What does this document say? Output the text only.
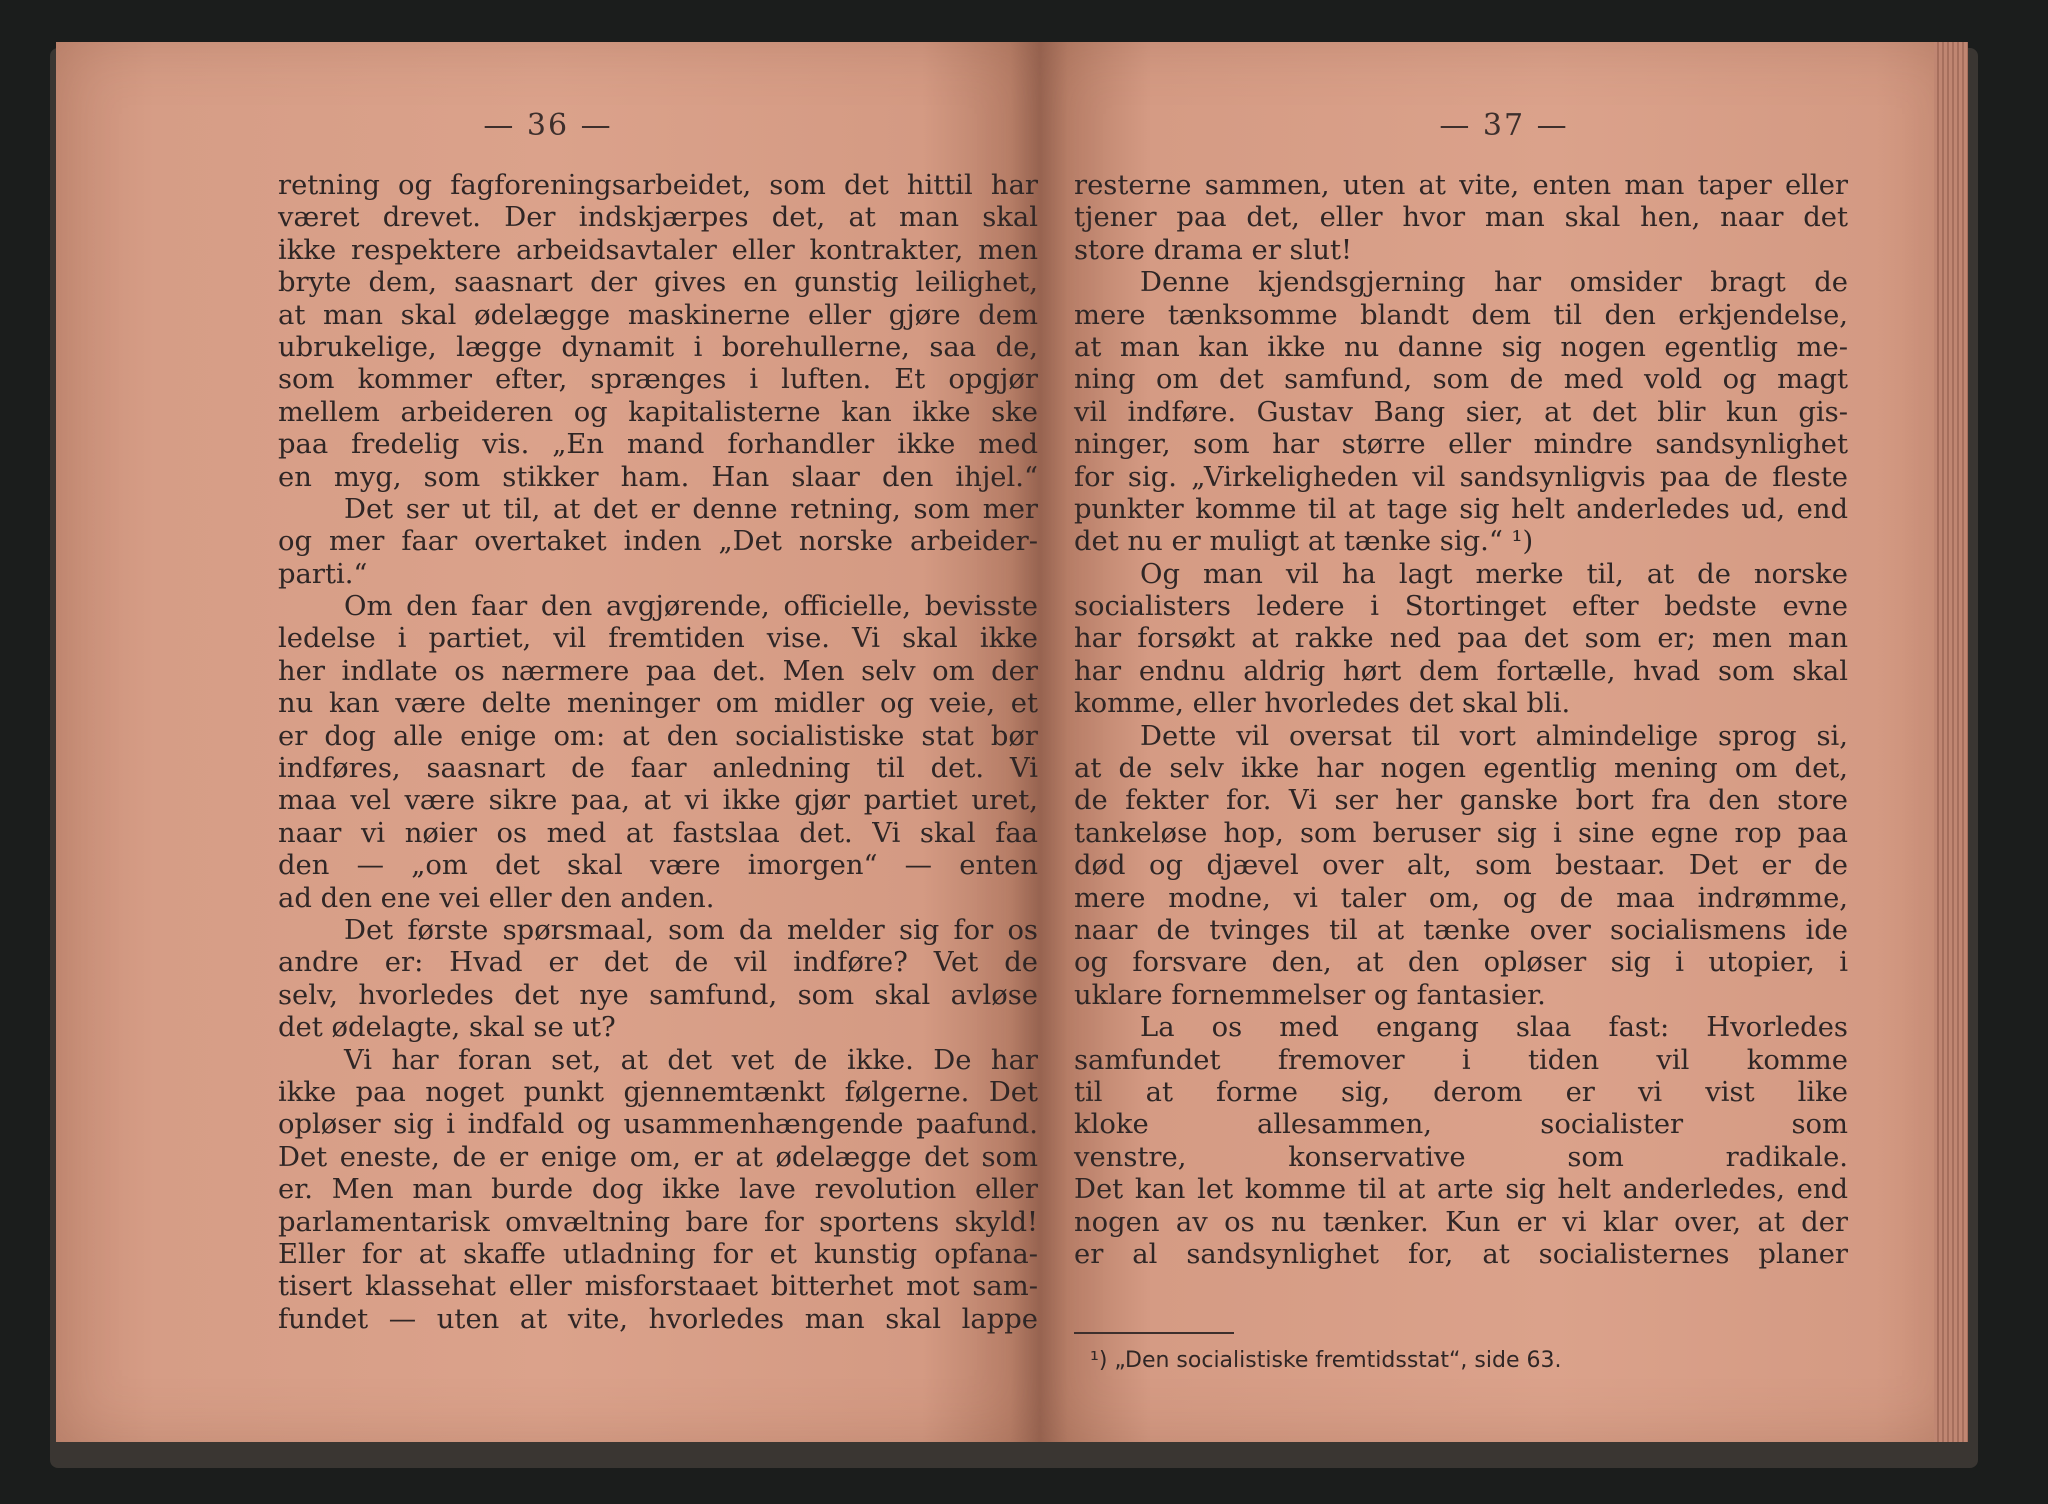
— 36 —
retning og fagforeningsarbeidet, som det hittil har
været drevet. Der indskjærpes det, at man skal
ikke respektere arbeidsavtaler eller kontrakter, men
bryte dem, saasnart der gives en gunstig leilighet,
at man skal ødelægge maskinerne eller gjøre dem
ubrukelige, lægge dynamit i borehullerne, saa de,
som kommer efter, sprænges i luften. Et opgjør
mellem arbeideren og kapitalisterne kan ikke ske
paa fredelig vis. „En mand forhandler ikke med
en myg, som stikker ham. Han slaar den ihjel.“
Det ser ut til, at det er denne retning, som mer
og mer faar overtaket inden „Det norske arbeider-
parti.“
Om den faar den avgjørende, officielle, bevisste
ledelse i partiet, vil fremtiden vise. Vi skal ikke
her indlate os nærmere paa det. Men selv om der
nu kan være delte meninger om midler og veie, et
er dog alle enige om: at den socialistiske stat bør
indføres, saasnart de faar anledning til det. Vi
maa vel være sikre paa, at vi ikke gjør partiet uret,
naar vi nøier os med at fastslaa det. Vi skal faa
den — „om det skal være imorgen“ — enten
ad den ene vei eller den anden.
Det første spørsmaal, som da melder sig for os
andre er: Hvad er det de vil indføre? Vet de
selv, hvorledes det nye samfund, som skal avløse
det ødelagte, skal se ut?
Vi har foran set, at det vet de ikke. De har
ikke paa noget punkt gjennemtænkt følgerne. Det
opløser sig i indfald og usammenhængende paafund.
Det eneste, de er enige om, er at ødelægge det som
er. Men man burde dog ikke lave revolution eller
parlamentarisk omvæltning bare for sportens skyld!
Eller for at skaffe utladning for et kunstig opfana-
tisert klassehat eller misforstaaet bitterhet mot sam-
fundet — uten at vite, hvorledes man skal lappe
— 37 —
resterne sammen, uten at vite, enten man taper eller
tjener paa det, eller hvor man skal hen, naar det
store drama er slut!
Denne kjendsgjerning har omsider bragt de
mere tænksomme blandt dem til den erkjendelse,
at man kan ikke nu danne sig nogen egentlig me-
ning om det samfund, som de med vold og magt
vil indføre. Gustav Bang sier, at det blir kun gis-
ninger, som har større eller mindre sandsynlighet
for sig. „Virkeligheden vil sandsynligvis paa de fleste
punkter komme til at tage sig helt anderledes ud, end
det nu er muligt at tænke sig.“ ¹)
Og man vil ha lagt merke til, at de norske
socialisters ledere i Stortinget efter bedste evne
har forsøkt at rakke ned paa det som er; men man
har endnu aldrig hørt dem fortælle, hvad som skal
komme, eller hvorledes det skal bli.
Dette vil oversat til vort almindelige sprog si,
at de selv ikke har nogen egentlig mening om det,
de fekter for. Vi ser her ganske bort fra den store
tankeløse hop, som beruser sig i sine egne rop paa
død og djævel over alt, som bestaar. Det er de
mere modne, vi taler om, og de maa indrømme,
naar de tvinges til at tænke over socialismens ide
og forsvare den, at den opløser sig i utopier, i
uklare fornemmelser og fantasier.
La os med engang slaa fast: Hvorledes
samfundet fremover i tiden vil komme
til at forme sig, derom er vi vist like
kloke allesammen, socialister som
venstre, konservative som radikale.
Det kan let komme til at arte sig helt anderledes, end
nogen av os nu tænker. Kun er vi klar over, at der
er al sandsynlighet for, at socialisternes planer
¹) „Den socialistiske fremtidsstat“, side 63.
